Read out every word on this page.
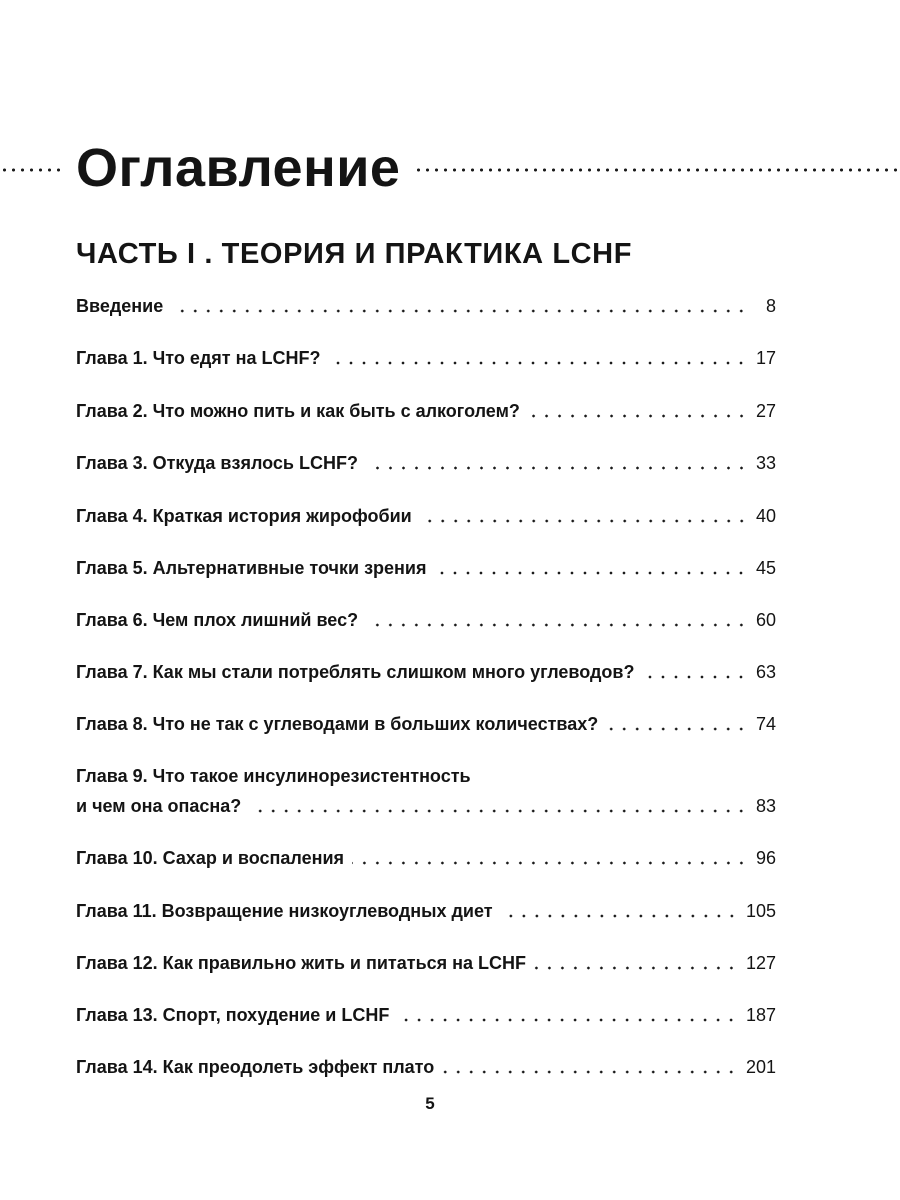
Оглавление
ЧАСТЬ I . ТЕОРИЯ И ПРАКТИКА LCHF
Введение	8
Глава 1. Что едят на LCHF?	17
Глава 2. Что можно пить и как быть с алкоголем?	27
Глава 3. Откуда взялось LCHF?	33
Глава 4. Краткая история жирофобии	40
Глава 5. Альтернативные точки зрения	45
Глава 6. Чем плох лишний вес?	60
Глава 7. Как мы стали потреблять слишком много углеводов?	63
Глава 8. Что не так с углеводами в больших количествах?	74
Глава 9. Что такое инсулинорезистентность
и чем она опасна?	83
Глава 10. Сахар и воспаления	96
Глава 11. Возвращение низкоуглеводных диет	105
Глава 12. Как правильно жить и питаться на LCHF	127
Глава 13. Спорт, похудение и LCHF	187
Глава 14. Как преодолеть эффект плато	201
5
